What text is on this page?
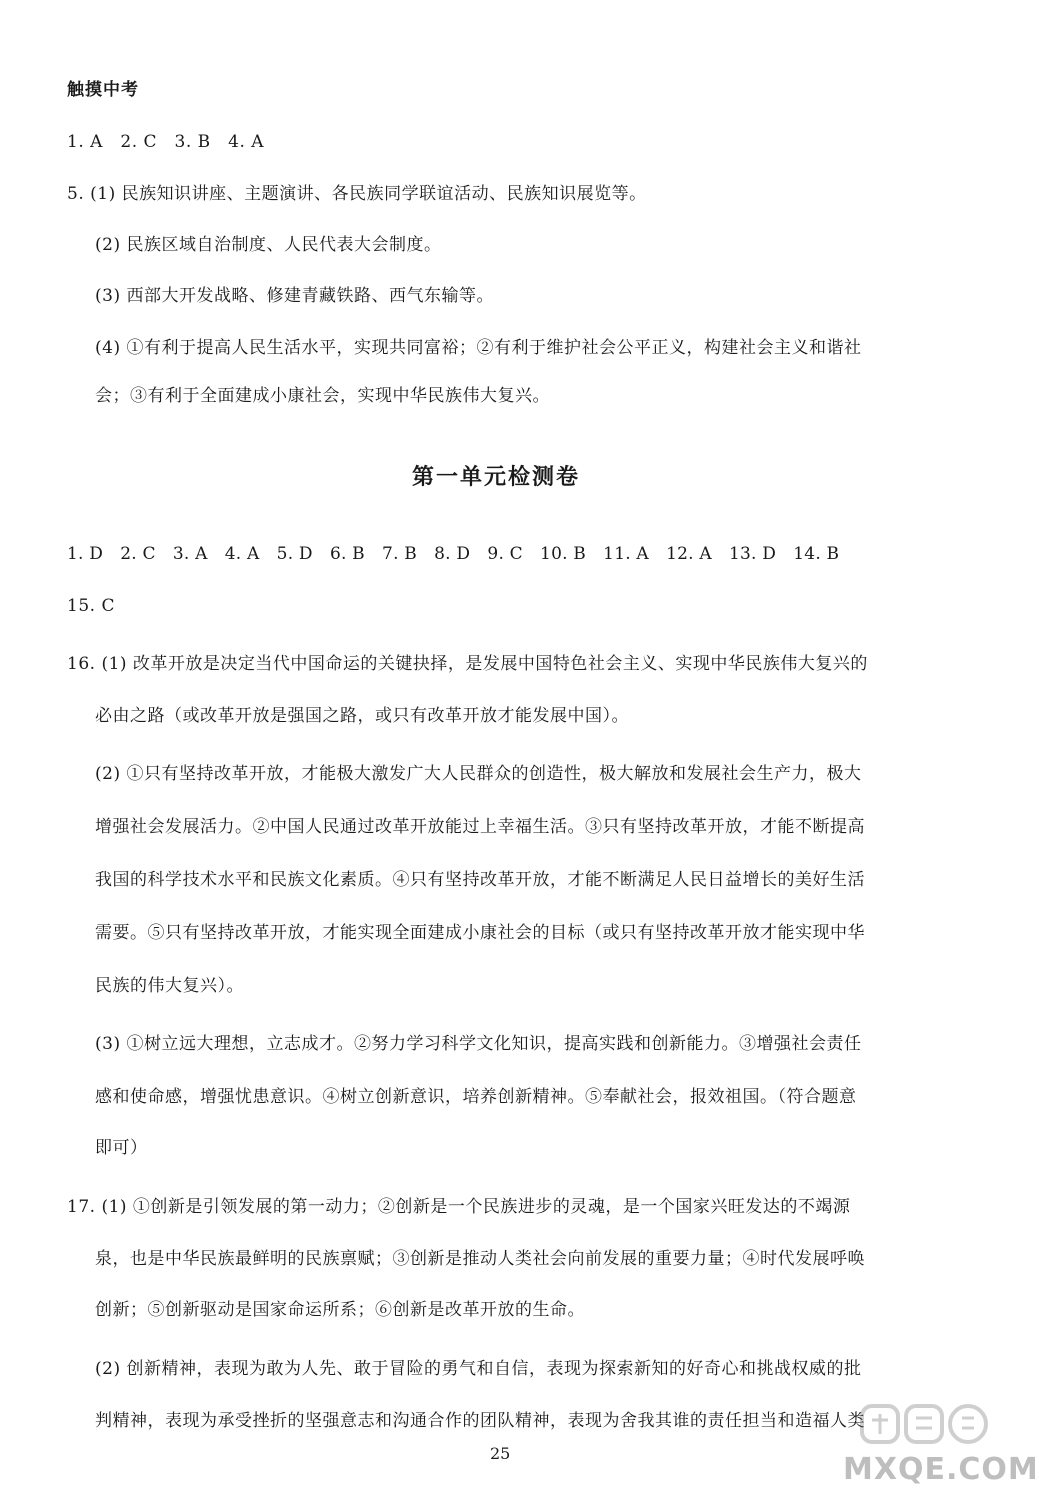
触摸中考
1. A　2. C　3. B　4. A
5. (1) 民族知识讲座、主题演讲、各民族同学联谊活动、民族知识展览等。
(2) 民族区域自治制度、人民代表大会制度。
(3) 西部大开发战略、修建青藏铁路、西气东输等。
(4) ①有利于提高人民生活水平，实现共同富裕；②有利于维护社会公平正义，构建社会主义和谐社
会；③有利于全面建成小康社会，实现中华民族伟大复兴。
第一单元检测卷
1. D　2. C　3. A　4. A　5. D　6. B　7. B　8. D　9. C　10. B　11. A　12. A　13. D　14. B
15. C
16. (1) 改革开放是决定当代中国命运的关键抉择，是发展中国特色社会主义、实现中华民族伟大复兴的
必由之路（或改革开放是强国之路，或只有改革开放才能发展中国）。
(2) ①只有坚持改革开放，才能极大激发广大人民群众的创造性，极大解放和发展社会生产力，极大
增强社会发展活力。②中国人民通过改革开放能过上幸福生活。③只有坚持改革开放，才能不断提高
我国的科学技术水平和民族文化素质。④只有坚持改革开放，才能不断满足人民日益增长的美好生活
需要。⑤只有坚持改革开放，才能实现全面建成小康社会的目标（或只有坚持改革开放才能实现中华
民族的伟大复兴）。
(3) ①树立远大理想，立志成才。②努力学习科学文化知识，提高实践和创新能力。③增强社会责任
感和使命感，增强忧患意识。④树立创新意识，培养创新精神。⑤奉献社会，报效祖国。（符合题意
即可）
17. (1) ①创新是引领发展的第一动力；②创新是一个民族进步的灵魂，是一个国家兴旺发达的不竭源
泉，也是中华民族最鲜明的民族禀赋；③创新是推动人类社会向前发展的重要力量；④时代发展呼唤
创新；⑤创新驱动是国家命运所系；⑥创新是改革开放的生命。
(2) 创新精神，表现为敢为人先、敢于冒险的勇气和自信，表现为探索新知的好奇心和挑战权威的批
判精神，表现为承受挫折的坚强意志和沟通合作的团队精神，表现为舍我其谁的责任担当和造福人类
25	MXQE.COM
